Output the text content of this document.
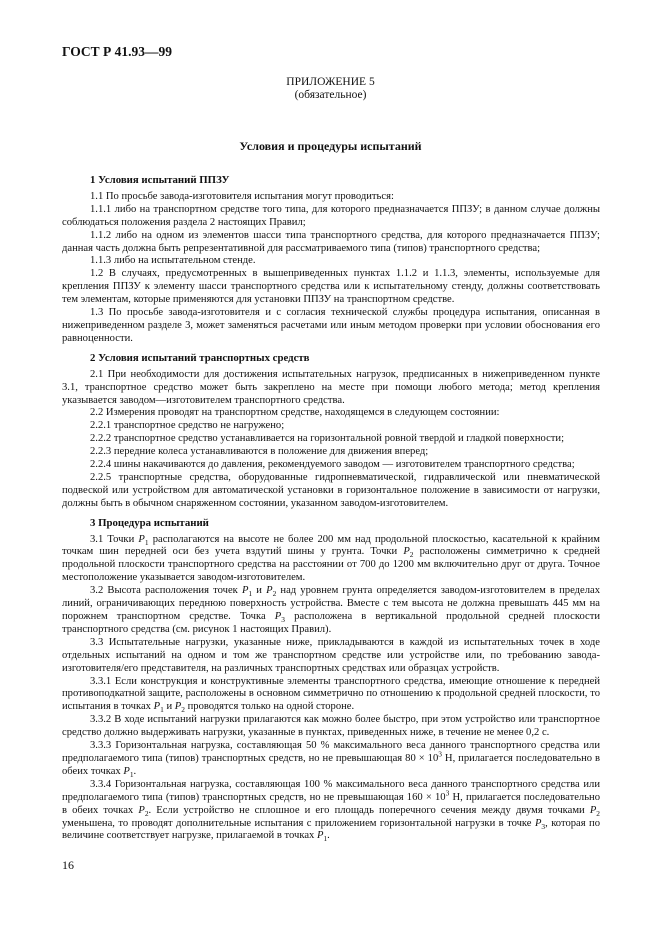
ГОСТ Р 41.93—99
ПРИЛОЖЕНИЕ 5
(обязательное)
Условия и процедуры испытаний
1 Условия испытаний ППЗУ

1.1 По просьбе завода-изготовителя испытания могут проводиться:

1.1.1 либо на транспортном средстве того типа, для которого предназначается ППЗУ; в данном случае должны соблюдаться положения раздела 2 настоящих Правил;

1.1.2 либо на одном из элементов шасси типа транспортного средства, для которого предназначается ППЗУ; данная часть должна быть репрезентативной для рассматриваемого типа (типов) транспортного средства;

1.1.3 либо на испытательном стенде.

1.2 В случаях, предусмотренных в вышеприведенных пунктах 1.1.2 и 1.1.3, элементы, используемые для крепления ППЗУ к элементу шасси транспортного средства или к испытательному стенду, должны соответствовать тем элементам, которые применяются для установки ППЗУ на транспортном средстве.

1.3 По просьбе завода-изготовителя и с согласия технической службы процедура испытания, описанная в нижеприведенном разделе 3, может заменяться расчетами или иным методом проверки при условии обоснования его равноценности.

2 Условия испытаний транспортных средств

2.1 При необходимости для достижения испытательных нагрузок, предписанных в нижеприведенном пункте 3.1, транспортное средство может быть закреплено на месте при помощи любого метода; метод крепления указывается заводом—изготовителем транспортного средства.

2.2 Измерения проводят на транспортном средстве, находящемся в следующем состоянии:

2.2.1 транспортное средство не нагружено;

2.2.2 транспортное средство устанавливается на горизонтальной ровной твердой и гладкой поверхности;

2.2.3 передние колеса устанавливаются в положение для движения вперед;

2.2.4 шины накачиваются до давления, рекомендуемого заводом — изготовителем транспортного средства;

2.2.5 транспортные средства, оборудованные гидропневматической, гидравлической или пневматической подвеской или устройством для автоматической установки в горизонтальное положение в зависимости от нагрузки, должны быть в обычном снаряженном состоянии, указанном заводом-изготовителем.

3 Процедура испытаний

3.1 Точки $P_1$ располагаются на высоте не более 200 мм над продольной плоскостью, касательной к крайним точкам шин передней оси без учета вздутий шины у грунта. Точки $P_2$ расположены симметрично к средней продольной плоскости транспортного средства на расстоянии от 700 до 1200 мм включительно друг от друга. Точное местоположение указывается заводом-изготовителем.

3.2 Высота расположения точек $P_1$ и $P_2$ над уровнем грунта определяется заводом-изготовителем в пределах линий, ограничивающих переднюю поверхность устройства. Вместе с тем высота не должна превышать 445 мм на порожнем транспортном средстве. Точка $P_3$ расположена в вертикальной продольной средней плоскости транспортного средства (см. рисунок 1 настоящих Правил).

3.3 Испытательные нагрузки, указанные ниже, прикладываются в каждой из испытательных точек в ходе отдельных испытаний на одном и том же транспортном средстве или устройстве или, по требованию завода-изготовителя/его представителя, на различных транспортных средствах или образцах устройств.

3.3.1 Если конструкция и конструктивные элементы транспортного средства, имеющие отношение к передней противоподкатной защите, расположены в основном симметрично по отношению к продольной средней плоскости, то испытания в точках $P_1$ и $P_2$ проводятся только на одной стороне.

3.3.2 В ходе испытаний нагрузки прилагаются как можно более быстро, при этом устройство или транспортное средство должно выдерживать нагрузки, указанные в пунктах, приведенных ниже, в течение не менее 0,2 с.

3.3.3 Горизонтальная нагрузка, составляющая 50 % максимального веса данного транспортного средства или предполагаемого типа (типов) транспортных средств, но не превышающая $80 \times 10^3$ Н, прилагается последовательно в обеих точках $P_1$.

3.3.4 Горизонтальная нагрузка, составляющая 100 % максимального веса данного транспортного средства или предполагаемого типа (типов) транспортных средств, но не превышающая $160 \times 10^3$ Н, прилагается последовательно в обеих точках $P_2$. Если устройство не сплошное и его площадь поперечного сечения между двумя точками $P_2$ уменьшена, то проводят дополнительные испытания с приложением горизонтальной нагрузки в точке $P_3$, которая по величине соответствует нагрузке, прилагаемой в точках $P_1$.

16
